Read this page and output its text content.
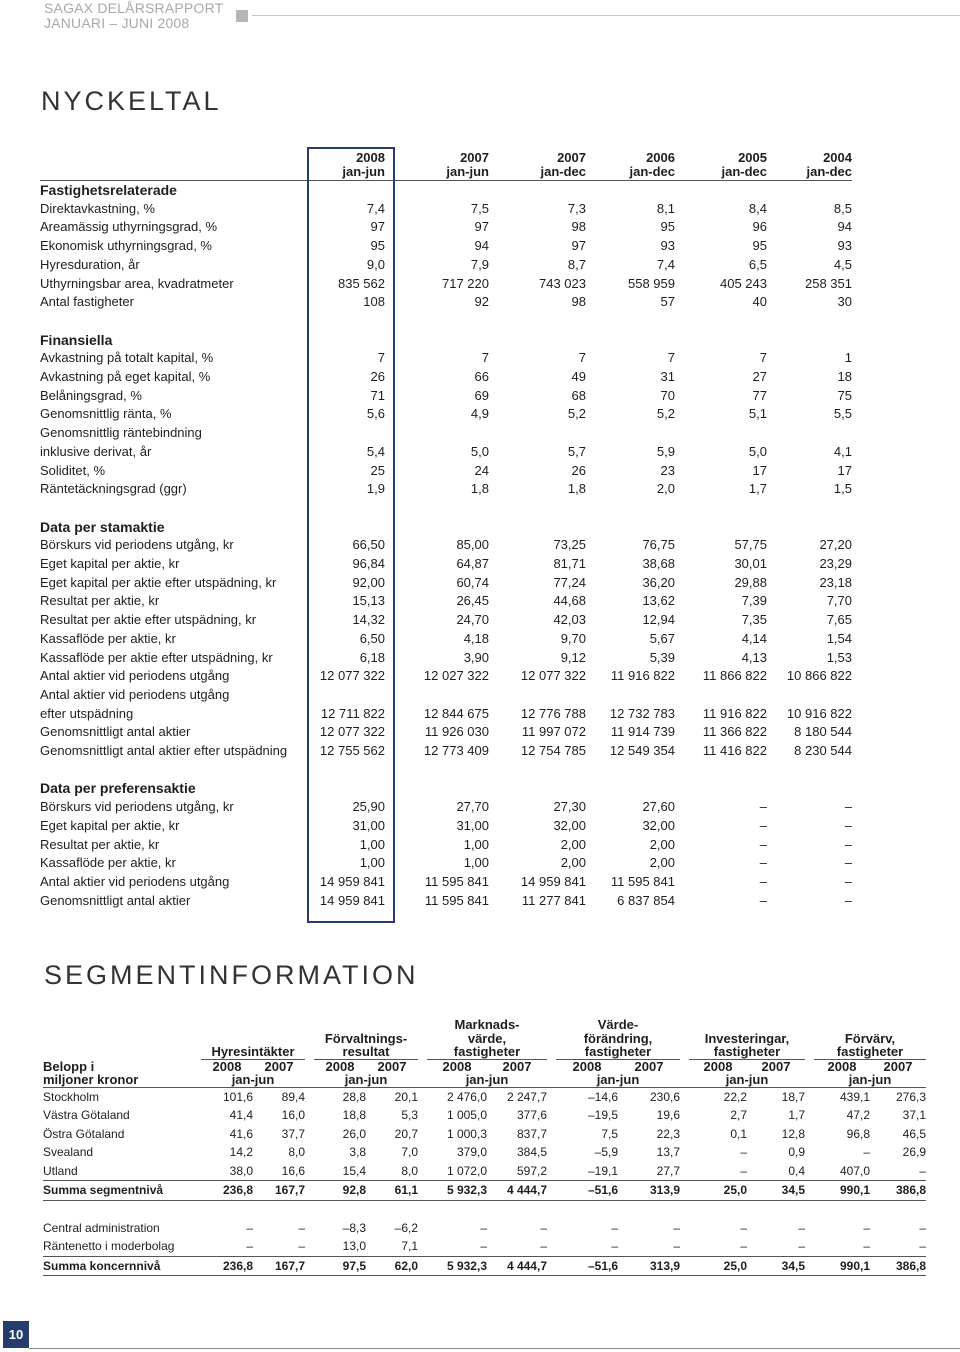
SAGAX DELÅRSRAPPORT
JANUARI – JUNI 2008
NYCKELTAL
	2008	2007	2007	2006	2005	2004
	jan-jun	jan-jun	jan-dec	jan-dec	jan-dec	jan-dec
Fastighetsrelaterade						
Direktavkastning, %	7,4	7,5	7,3	8,1	8,4	8,5
Areamässig uthyrningsgrad, %	97	97	98	95	96	94
Ekonomisk uthyrningsgrad, %	95	94	97	93	95	93
Hyresduration, år	9,0	7,9	8,7	7,4	6,5	4,5
Uthyrningsbar area, kvadratmeter	835 562	717 220	743 023	558 959	405 243	258 351
Antal fastigheter	108	92	98	57	40	30

Finansiella						
Avkastning på totalt kapital, %	7	7	7	7	7	1
Avkastning på eget kapital, %	26	66	49	31	27	18
Belåningsgrad, %	71	69	68	70	77	75
Genomsnittlig ränta, %	5,6	4,9	5,2	5,2	5,1	5,5
Genomsnittlig räntebindning						
inklusive derivat, år	5,4	5,0	5,7	5,9	5,0	4,1
Soliditet, %	25	24	26	23	17	17
Räntetäckningsgrad (ggr)	1,9	1,8	1,8	2,0	1,7	1,5

Data per stamaktie						
Börskurs vid periodens utgång, kr	66,50	85,00	73,25	76,75	57,75	27,20
Eget kapital per aktie, kr	96,84	64,87	81,71	38,68	30,01	23,29
Eget kapital per aktie efter utspädning, kr	92,00	60,74	77,24	36,20	29,88	23,18
Resultat per aktie, kr	15,13	26,45	44,68	13,62	7,39	7,70
Resultat per aktie efter utspädning, kr	14,32	24,70	42,03	12,94	7,35	7,65
Kassaflöde per aktie, kr	6,50	4,18	9,70	5,67	4,14	1,54
Kassaflöde per aktie efter utspädning, kr	6,18	3,90	9,12	5,39	4,13	1,53
Antal aktier vid periodens utgång	12 077 322	12 027 322	12 077 322	11 916 822	11 866 822	10 866 822
Antal aktier vid periodens utgång						
efter utspädning	12 711 822	12 844 675	12 776 788	12 732 783	11 916 822	10 916 822
Genomsnittligt antal aktier	12 077 322	11 926 030	11 997 072	11 914 739	11 366 822	8 180 544
Genomsnittligt antal aktier efter utspädning	12 755 562	12 773 409	12 754 785	12 549 354	11 416 822	8 230 544

Data per preferensaktie						
Börskurs vid periodens utgång, kr	25,90	27,70	27,30	27,60	–	–
Eget kapital per aktie, kr	31,00	31,00	32,00	32,00	–	–
Resultat per aktie, kr	1,00	1,00	2,00	2,00	–	–
Kassaflöde per aktie, kr	1,00	1,00	2,00	2,00	–	–
Antal aktier vid periodens utgång	14 959 841	11 595 841	14 959 841	11 595 841	–	–
Genomsnittligt antal aktier	14 959 841	11 595 841	11 277 841	6 837 854	–	–
SEGMENTINFORMATION
							Marknads-			Värde-							
				Förvaltnings-			värde,			förändring,			Investeringar,			Förvärv,	
	Hyresintäkter			resultat			fastigheter			fastigheter			fastigheter			fastigheter	
Belopp i	2008	2007		2008	2007		2008	2007		2008	2007		2008	2007		2008	2007
miljoner kronor	jan-jun			jan-jun			jan-jun			jan-jun			jan-jun			jan-jun	
Stockholm	101,6	89,4		28,8	20,1		2 476,0	2 247,7		–14,6	230,6		22,2	18,7		439,1	276,3
Västra Götaland	41,4	16,0		18,8	5,3		1 005,0	377,6		–19,5	19,6		2,7	1,7		47,2	37,1
Östra Götaland	41,6	37,7		26,0	20,7		1 000,3	837,7		7,5	22,3		0,1	12,8		96,8	46,5
Svealand	14,2	8,0		3,8	7,0		379,0	384,5		–5,9	13,7		–	0,9		–	26,9
Utland	38,0	16,6		15,4	8,0		1 072,0	597,2		–19,1	27,7		–	0,4		407,0	–
Summa segmentnivå	236,8	167,7		92,8	61,1		5 932,3	4 444,7		–51,6	313,9		25,0	34,5		990,1	386,8

Central administration	–	–		–8,3	–6,2		–	–		–	–		–	–		–	–
Räntenetto i moderbolag	–	–		13,0	7,1		–	–		–	–		–	–		–	–
Summa koncernnivå	236,8	167,7		97,5	62,0		5 932,3	4 444,7		–51,6	313,9		25,0	34,5		990,1	386,8
10
